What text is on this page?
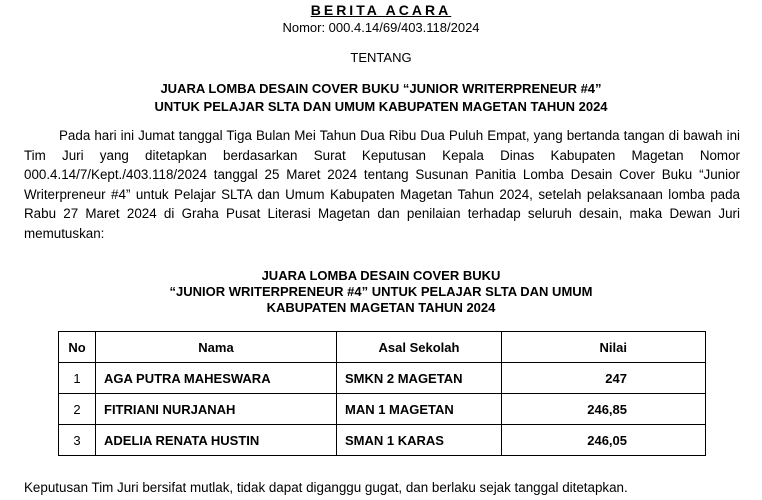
BERITA ACARA
Nomor: 000.4.14/69/403.118/2024
TENTANG
JUARA LOMBA DESAIN COVER BUKU “JUNIOR WRITERPRENEUR #4”
UNTUK PELAJAR SLTA DAN UMUM KABUPATEN MAGETAN TAHUN 2024

Pada hari ini Jumat tanggal Tiga Bulan Mei Tahun Dua Ribu Dua Puluh Empat, yang bertanda tangan di bawah ini Tim Juri yang ditetapkan berdasarkan Surat Keputusan Kepala Dinas Kabupaten Magetan Nomor 000.4.14/7/Kept./403.118/2024 tanggal 25 Maret 2024 tentang Susunan Panitia Lomba Desain Cover Buku “Junior Writerpreneur #4” untuk Pelajar SLTA dan Umum Kabupaten Magetan Tahun 2024, setelah pelaksanaan lomba pada Rabu 27 Maret 2024 di Graha Pusat Literasi Magetan dan penilaian terhadap seluruh desain, maka Dewan Juri memutuskan:

JUARA LOMBA DESAIN COVER BUKU
“JUNIOR WRITERPRENEUR #4” UNTUK PELAJAR SLTA DAN UMUM
KABUPATEN MAGETAN TAHUN 2024
No	Nama	Asal Sekolah	Nilai
1	AGA PUTRA MAHESWARA	SMKN 2 MAGETAN	247
2	FITRIANI NURJANAH	MAN 1 MAGETAN	246,85
3	ADELIA RENATA HUSTIN	SMAN 1 KARAS	246,05
Keputusan Tim Juri bersifat mutlak, tidak dapat diganggu gugat, dan berlaku sejak tanggal ditetapkan.
